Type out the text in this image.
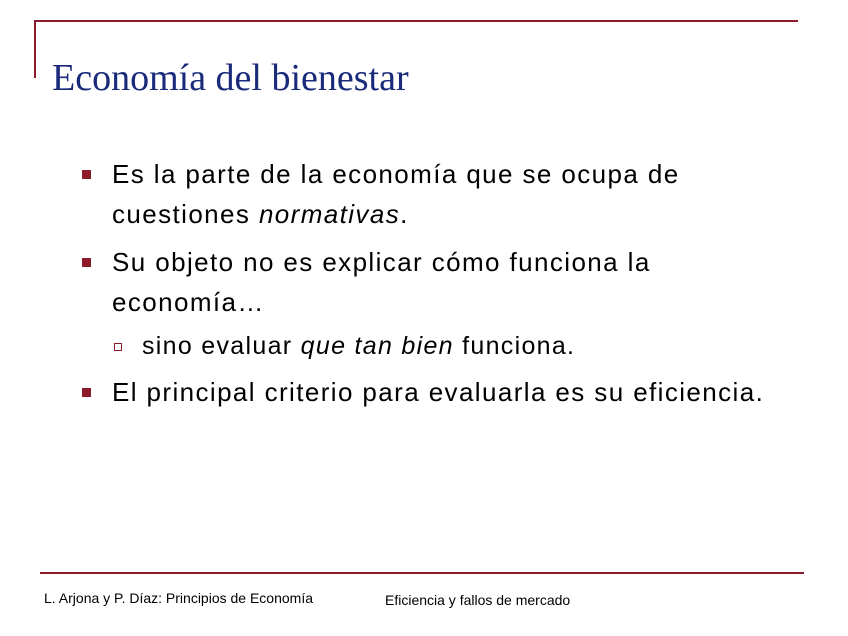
Economía del bienestar
Es la parte de la economía que se ocupa de cuestiones normativas.
Su objeto no es explicar cómo funciona la economía…
sino evaluar que tan bien funciona.
El principal criterio para evaluarla es su eficiencia.
L. Arjona y P. Díaz: Principios de Economía	Eficiencia y fallos de mercado
